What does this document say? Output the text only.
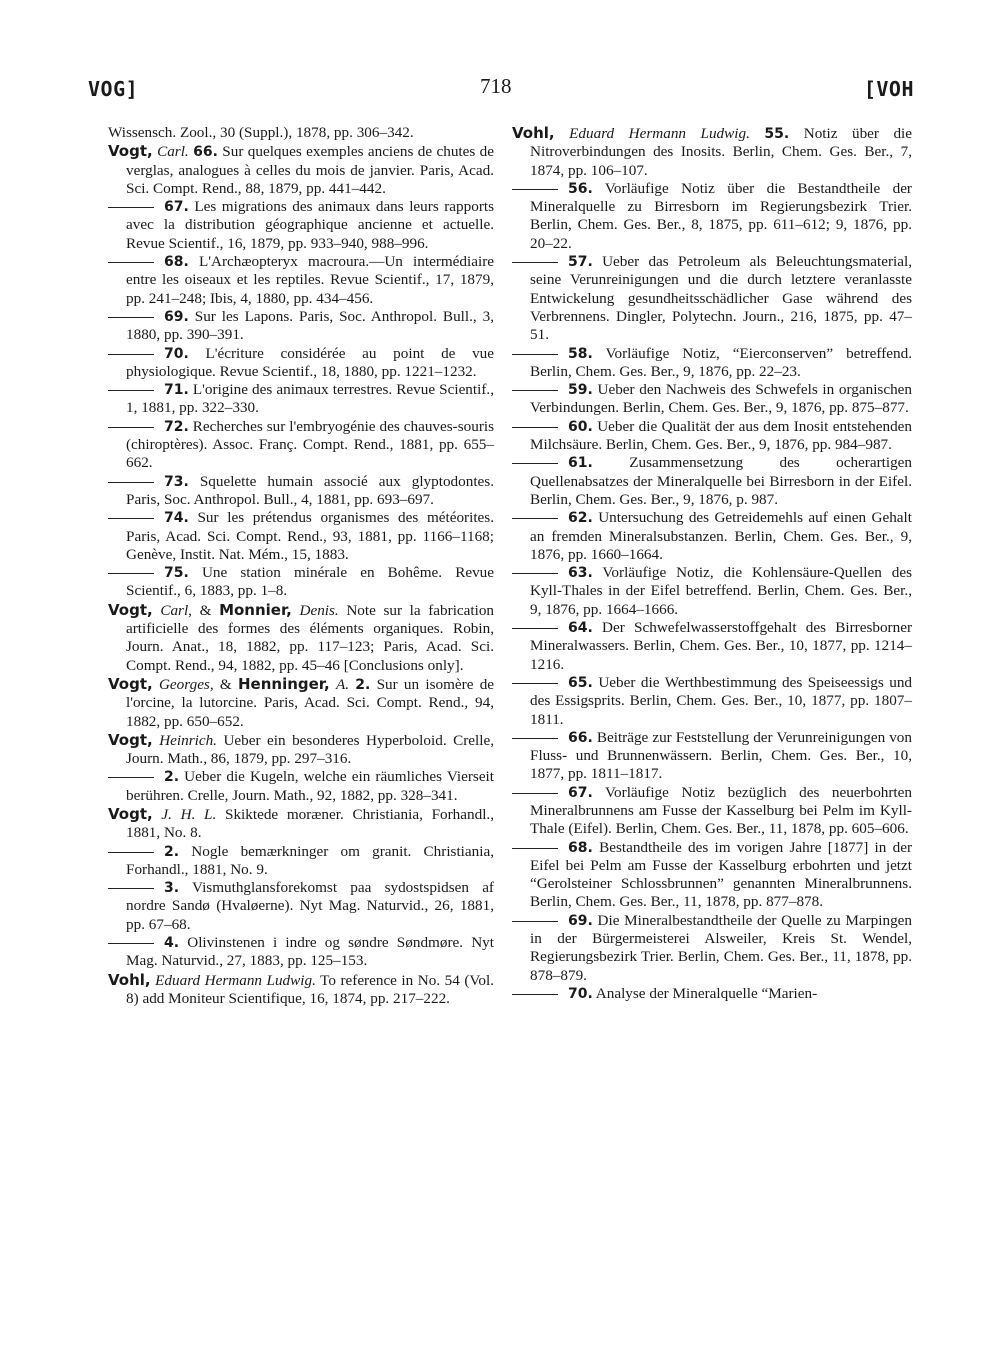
VOG]	718	[VOH

Wissensch. Zool., 30 (Suppl.), 1878, pp. 306–342.

Vogt, Carl. 66. Sur quelques exemples anciens de chutes de verglas, analogues à celles du mois de janvier. Paris, Acad. Sci. Compt. Rend., 88, 1879, pp. 441–442.

67. Les migrations des animaux dans leurs rapports avec la distribution géographique ancienne et actuelle. Revue Scientif., 16, 1879, pp. 933–940, 988–996.

68. L'Archæopteryx macroura.—Un intermédiaire entre les oiseaux et les reptiles. Revue Scientif., 17, 1879, pp. 241–248; Ibis, 4, 1880, pp. 434–456.

69. Sur les Lapons. Paris, Soc. Anthropol. Bull., 3, 1880, pp. 390–391.

70. L'écriture considérée au point de vue physiologique. Revue Scientif., 18, 1880, pp. 1221–1232.

71. L'origine des animaux terrestres. Revue Scientif., 1, 1881, pp. 322–330.

72. Recherches sur l'embryogénie des chauves-souris (chiroptères). Assoc. Franç. Compt. Rend., 1881, pp. 655–662.

73. Squelette humain associé aux glyptodontes. Paris, Soc. Anthropol. Bull., 4, 1881, pp. 693–697.

74. Sur les prétendus organismes des météorites. Paris, Acad. Sci. Compt. Rend., 93, 1881, pp. 1166–1168; Genève, Instit. Nat. Mém., 15, 1883.

75. Une station minérale en Bohême. Revue Scientif., 6, 1883, pp. 1–8.

Vogt, Carl, & Monnier, Denis. Note sur la fabrication artificielle des formes des éléments organiques. Robin, Journ. Anat., 18, 1882, pp. 117–123; Paris, Acad. Sci. Compt. Rend., 94, 1882, pp. 45–46 [Conclusions only].

Vogt, Georges, & Henninger, A. 2. Sur un isomère de l'orcine, la lutorcine. Paris, Acad. Sci. Compt. Rend., 94, 1882, pp. 650–652.

Vogt, Heinrich. Ueber ein besonderes Hyperboloid. Crelle, Journ. Math., 86, 1879, pp. 297–316.

2. Ueber die Kugeln, welche ein räumliches Vierseit berühren. Crelle, Journ. Math., 92, 1882, pp. 328–341.

Vogt, J. H. L. Skiktede moræner. Christiania, Forhandl., 1881, No. 8.

2. Nogle bemærkninger om granit. Christiania, Forhandl., 1881, No. 9.

3. Vismuthglansforekomst paa sydostspidsen af nordre Sandø (Hvaløerne). Nyt Mag. Naturvid., 26, 1881, pp. 67–68.

4. Olivinstenen i indre og søndre Søndmøre. Nyt Mag. Naturvid., 27, 1883, pp. 125–153.

Vohl, Eduard Hermann Ludwig. To reference in No. 54 (Vol. 8) add Moniteur Scientifique, 16, 1874, pp. 217–222.

Vohl, Eduard Hermann Ludwig. 55. Notiz über die Nitroverbindungen des Inosits. Berlin, Chem. Ges. Ber., 7, 1874, pp. 106–107.

56. Vorläufige Notiz über die Bestandtheile der Mineralquelle zu Birresborn im Regierungsbezirk Trier. Berlin, Chem. Ges. Ber., 8, 1875, pp. 611–612; 9, 1876, pp. 20–22.

57. Ueber das Petroleum als Beleuchtungsmaterial, seine Verunreinigungen und die durch letztere veranlasste Entwickelung gesundheitsschädlicher Gase während des Verbrennens. Dingler, Polytechn. Journ., 216, 1875, pp. 47–51.

58. Vorläufige Notiz, “Eierconserven” betreffend. Berlin, Chem. Ges. Ber., 9, 1876, pp. 22–23.

59. Ueber den Nachweis des Schwefels in organischen Verbindungen. Berlin, Chem. Ges. Ber., 9, 1876, pp. 875–877.

60. Ueber die Qualität der aus dem Inosit entstehenden Milchsäure. Berlin, Chem. Ges. Ber., 9, 1876, pp. 984–987.

61. Zusammensetzung des ocherartigen Quellenabsatzes der Mineralquelle bei Birresborn in der Eifel. Berlin, Chem. Ges. Ber., 9, 1876, p. 987.

62. Untersuchung des Getreidemehls auf einen Gehalt an fremden Mineralsubstanzen. Berlin, Chem. Ges. Ber., 9, 1876, pp. 1660–1664.

63. Vorläufige Notiz, die Kohlensäure-Quellen des Kyll-Thales in der Eifel betreffend. Berlin, Chem. Ges. Ber., 9, 1876, pp. 1664–1666.

64. Der Schwefelwasserstoffgehalt des Birresborner Mineralwassers. Berlin, Chem. Ges. Ber., 10, 1877, pp. 1214–1216.

65. Ueber die Werthbestimmung des Speiseessigs und des Essigsprits. Berlin, Chem. Ges. Ber., 10, 1877, pp. 1807–1811.

66. Beiträge zur Feststellung der Verunreinigungen von Fluss- und Brunnenwässern. Berlin, Chem. Ges. Ber., 10, 1877, pp. 1811–1817.

67. Vorläufige Notiz bezüglich des neuerbohrten Mineralbrunnens am Fusse der Kasselburg bei Pelm im Kyll-Thale (Eifel). Berlin, Chem. Ges. Ber., 11, 1878, pp. 605–606.

68. Bestandtheile des im vorigen Jahre [1877] in der Eifel bei Pelm am Fusse der Kasselburg erbohrten und jetzt “Gerolsteiner Schlossbrunnen” genannten Mineralbrunnens. Berlin, Chem. Ges. Ber., 11, 1878, pp. 877–878.

69. Die Mineralbestandtheile der Quelle zu Marpingen in der Bürgermeisterei Alsweiler, Kreis St. Wendel, Regierungsbezirk Trier. Berlin, Chem. Ges. Ber., 11, 1878, pp. 878–879.

70. Analyse der Mineralquelle “Marien-
